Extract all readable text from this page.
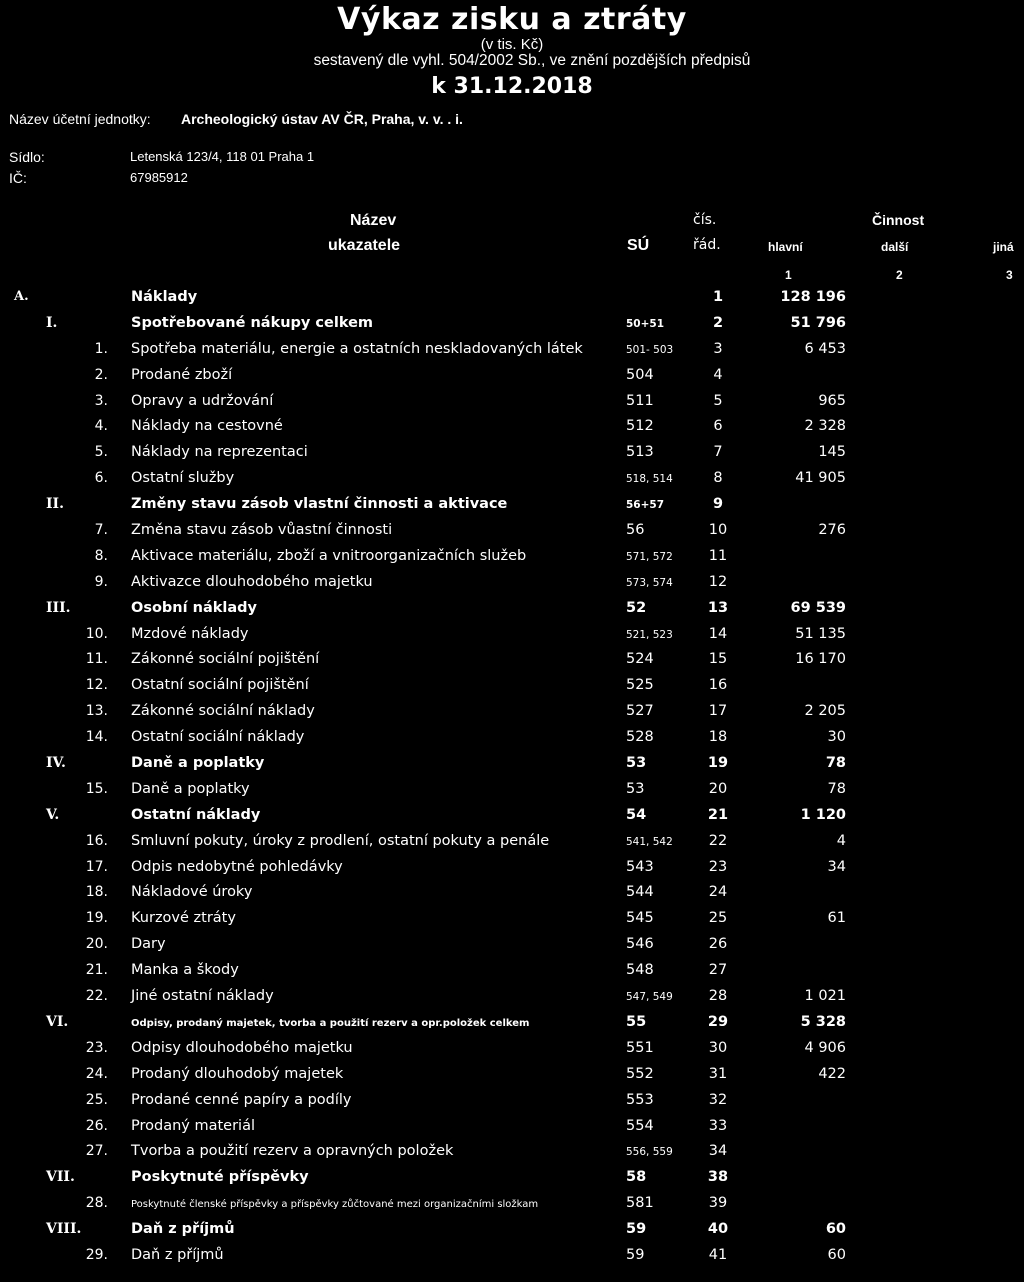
Výkaz zisku a ztráty
(v tis. Kč)
sestavený dle vyhl. 504/2002 Sb., ve znění pozdějších předpisů
k 31.12.2018
Název účetní jednotky: Archeologický ústav AV ČR, Praha, v. v. . i.
Sídlo:	Letenská 123/4, 118 01 Praha 1
IČ:	67985912
Název
ukazatele	SÚ
čís.
řád.
Činnost
hlavní	další	jiná
1	2	3
A.	Náklady	1	128 196
I.	Spotřebované nákupy celkem	50+51	2	51 796
1. Spotřeba materiálu, energie a ostatních neskladovaných látek	501- 503	3	6 453
2. Prodané zboží	504	4
3. Opravy a udržování	511	5	965
4. Náklady na cestovné	512	6	2 328
5. Náklady na reprezentaci	513	7	145
6. Ostatní služby	518, 514	8	41 905
II.	Změny stavu zásob vlastní činnosti a aktivace	56+57	9
7. Změna stavu zásob vůastní činnosti	56	10	276
8. Aktivace materiálu, zboží a vnitroorganizačních služeb	571, 572	11
9. Aktivazce dlouhodobého majetku	573, 574	12
III.	Osobní náklady	52	13	69 539
10. Mzdové náklady	521, 523	14	51 135
11. Zákonné sociální pojištění	524	15	16 170
12. Ostatní sociální pojištění	525	16
13. Zákonné sociální náklady	527	17	2 205
14. Ostatní sociální náklady	528	18	30
IV.	Daně a poplatky	53	19	78
15. Daně a poplatky	53	20	78
V.	Ostatní náklady	54	21	1 120
16. Smluvní pokuty, úroky z prodlení, ostatní pokuty a penále	541, 542	22	4
17. Odpis nedobytné pohledávky	543	23	34
18. Nákladové úroky	544	24
19. Kurzové ztráty	545	25	61
20. Dary	546	26
21. Manka a škody	548	27
22. Jiné ostatní náklady	547, 549	28	1 021
VI.	Odpisy, prodaný majetek, tvorba a použití rezerv a opr.položek celkem	55	29	5 328
23. Odpisy dlouhodobého majetku	551	30	4 906
24. Prodaný dlouhodobý majetek	552	31	422
25. Prodané cenné papíry a podíly	553	32
26. Prodaný materiál	554	33
27. Tvorba a použití rezerv a opravných položek	556, 559	34
VII.	Poskytnuté příspěvky	58	38
28. Poskytnuté členské příspěvky a příspěvky zůčtované mezi organizačními složkam	581	39
VIII.	Daň z příjmů	59	40	60
29. Daň z příjmů	59	41	60
